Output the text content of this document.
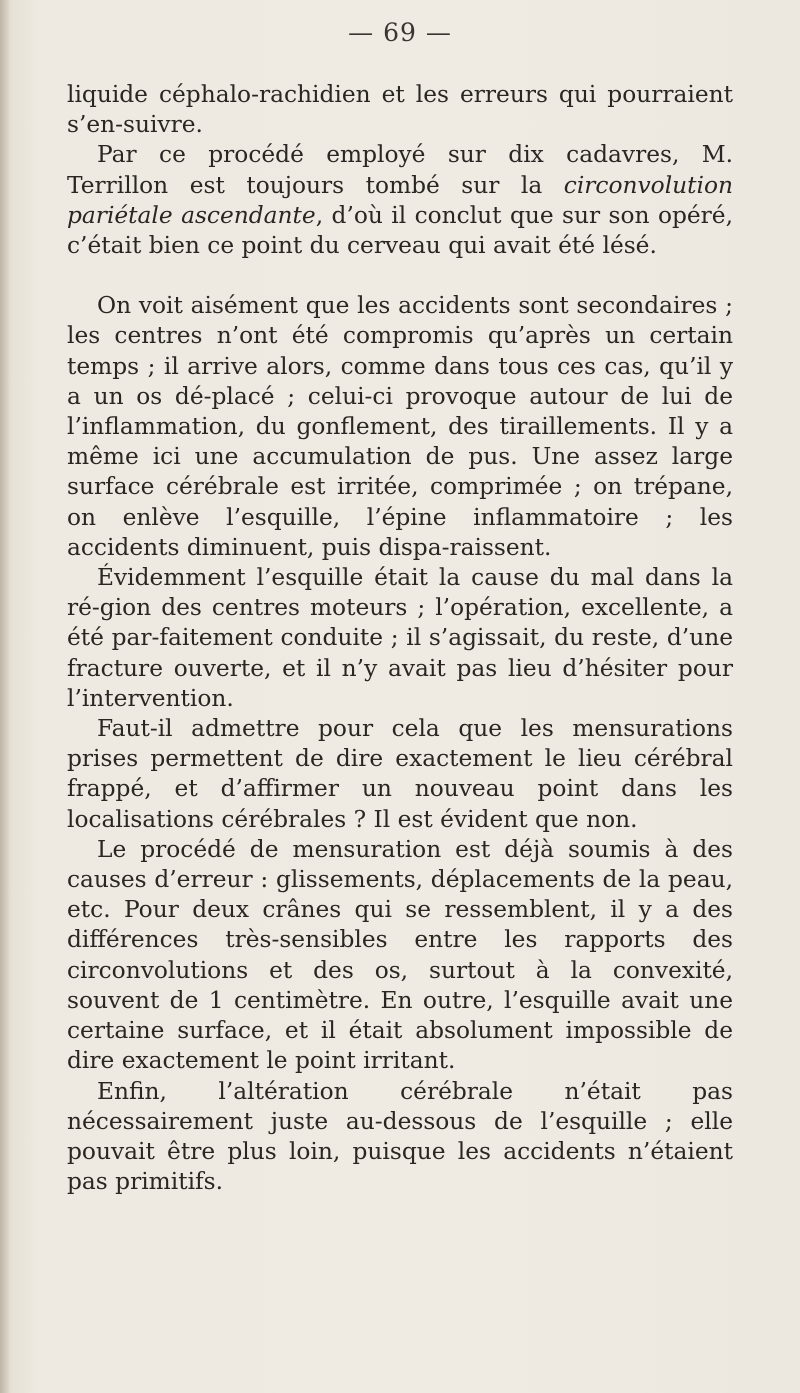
— 69 —

liquide céphalo-rachidien et les erreurs qui pourraient s’en-suivre.

Par ce procédé employé sur dix cadavres, M. Terrillon est toujours tombé sur la circonvolution pariétale ascendante, d’où il conclut que sur son opéré, c’était bien ce point du cerveau qui avait été lésé.

On voit aisément que les accidents sont secondaires ; les centres n’ont été compromis qu’après un certain temps ; il arrive alors, comme dans tous ces cas, qu’il y a un os dé-placé ; celui-ci provoque autour de lui de l’inflammation, du gonflement, des tiraillements. Il y a même ici une accumulation de pus. Une assez large surface cérébrale est irritée, comprimée ; on trépane, on enlève l’esquille, l’épine inflammatoire ; les accidents diminuent, puis dispa-raissent.

Évidemment l’esquille était la cause du mal dans la ré-gion des centres moteurs ; l’opération, excellente, a été par-faitement conduite ; il s’agissait, du reste, d’une fracture ouverte, et il n’y avait pas lieu d’hésiter pour l’intervention.

Faut-il admettre pour cela que les mensurations prises permettent de dire exactement le lieu cérébral frappé, et d’affirmer un nouveau point dans les localisations cérébrales ? Il est évident que non.

Le procédé de mensuration est déjà soumis à des causes d’erreur : glissements, déplacements de la peau, etc. Pour deux crânes qui se ressemblent, il y a des différences très-sensibles entre les rapports des circonvolutions et des os, surtout à la convexité, souvent de 1 centimètre. En outre, l’esquille avait une certaine surface, et il était absolument impossible de dire exactement le point irritant.

Enfin, l’altération cérébrale n’était pas nécessairement juste au-dessous de l’esquille ; elle pouvait être plus loin, puisque les accidents n’étaient pas primitifs.
